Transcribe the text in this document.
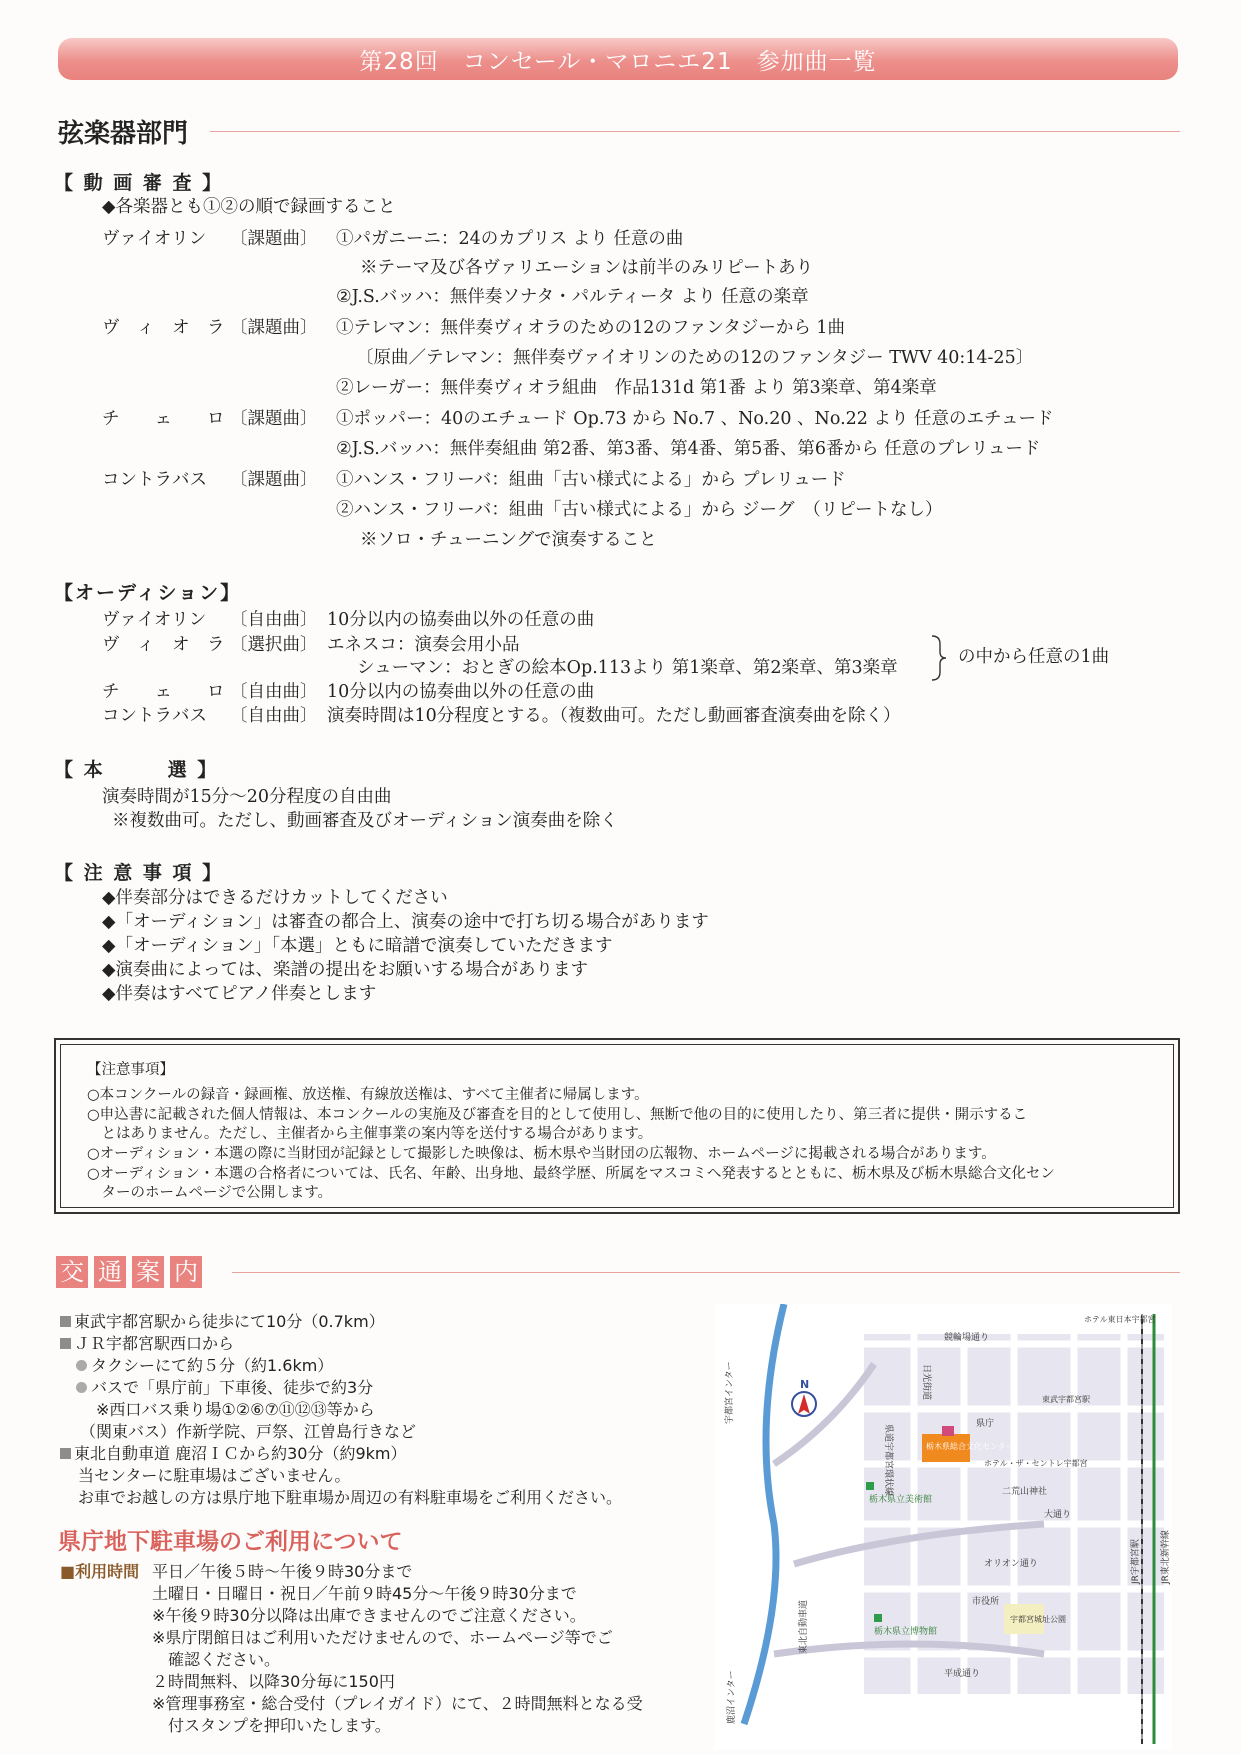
第28回　コンセール・マロニエ21　参加曲一覧
弦楽器部門
【 動 画 審 査 】
◆各楽器とも①②の順で録画すること
ヴァイオリン 〔課題曲〕 ①パガニーニ：24のカプリス より 任意の曲
※テーマ及び各ヴァリエーションは前半のみリピートあり
②J.S.バッハ：無伴奏ソナタ・パルティータ より 任意の楽章
ヴ　ィ　オ　ラ 〔課題曲〕 ①テレマン：無伴奏ヴィオラのための12のファンタジーから 1曲
〔原曲／テレマン：無伴奏ヴァイオリンのための12のファンタジー TWV 40:14-25〕
②レーガー：無伴奏ヴィオラ組曲　作品131d 第1番 より 第3楽章、第4楽章
チ　　ェ　　ロ 〔課題曲〕 ①ポッパー：40のエチュード Op.73 から No.7 、No.20 、No.22 より 任意のエチュード
②J.S.バッハ：無伴奏組曲 第2番、第3番、第4番、第5番、第6番から 任意のプレリュード
コントラバス 〔課題曲〕 ①ハンス・フリーバ：組曲「古い様式による」から プレリュード
②ハンス・フリーバ：組曲「古い様式による」から ジーグ　（リピートなし）
※ソロ・チューニングで演奏すること
【オーディション】
ヴァイオリン 〔自由曲〕 10分以内の協奏曲以外の任意の曲
ヴ　ィ　オ　ラ 〔選択曲〕 エネスコ：演奏会用小品
シューマン：おとぎの絵本Op.113より 第1楽章、第2楽章、第3楽章
の中から任意の1曲
チ　　ェ　　ロ 〔自由曲〕 10分以内の協奏曲以外の任意の曲
コントラバス 〔自由曲〕 演奏時間は10分程度とする。（複数曲可。ただし動画審査演奏曲を除く）
【 本　　　選 】
演奏時間が15分～20分程度の自由曲
※複数曲可。ただし、動画審査及びオーディション演奏曲を除く
【 注 意 事 項 】
◆伴奏部分はできるだけカットしてください
◆「オーディション」は審査の都合上、演奏の途中で打ち切る場合があります
◆「オーディション」「本選」ともに暗譜で演奏していただきます
◆演奏曲によっては、楽譜の提出をお願いする場合があります
◆伴奏はすべてピアノ伴奏とします
【注意事項】
○本コンクールの録音・録画権、放送権、有線放送権は、すべて主催者に帰属します。
○申込書に記載された個人情報は、本コンクールの実施及び審査を目的として使用し、無断で他の目的に使用したり、第三者に提供・開示するこ
　とはありません。ただし、主催者から主催事業の案内等を送付する場合があります。
○オーディション・本選の際に当財団が記録として撮影した映像は、栃木県や当財団の広報物、ホームページに掲載される場合があります。
○オーディション・本選の合格者については、氏名、年齢、出身地、最終学歴、所属をマスコミへ発表するとともに、栃木県及び栃木県総合文化セン
　ターのホームページで公開します。
交 通 案 内
東武宇都宮駅から徒歩にて10分（0.7km）
ＪＲ宇都宮駅西口から
タクシーにて約５分（約1.6km）
バスで「県庁前」下車後、徒歩で約3分
※西口バス乗り場①②⑥⑦⑪⑫⑬等から
（関東バス）作新学院、戸祭、江曽島行きなど
東北自動車道 鹿沼ＩＣから約30分（約9km）
当センターに駐車場はございません。
お車でお越しの方は県庁地下駐車場か周辺の有料駐車場をご利用ください。
県庁地下駐車場のご利用について
■利用時間 平日／午後５時～午後９時30分まで
土曜日・日曜日・祝日／午前９時45分～午後９時30分まで
※午後９時30分以降は出庫できませんのでご注意ください。
※県庁閉館日はご利用いただけませんので、ホームページ等でご
　確認ください。
２時間無料、以降30分毎に150円
※管理事務室・総合受付（プレイガイド）にて、２時間無料となる受
　付スタンプを押印いたします。
N
栃木県総合文化センター
県庁
栃木県立美術館
栃木県立博物館
平成通り
大通り
オリオン通り
宇都宮城址公園
市役所
ホテル東日本宇都宮
二荒山神社
ホテル・ザ・セントレ宇都宮
競輪場通り
東北自動車道
宇都宮インター
鹿沼インター
JR宇都宮駅 JR東北新幹線
県道宇都宮環状線
日光街道	東武宇都宮駅
